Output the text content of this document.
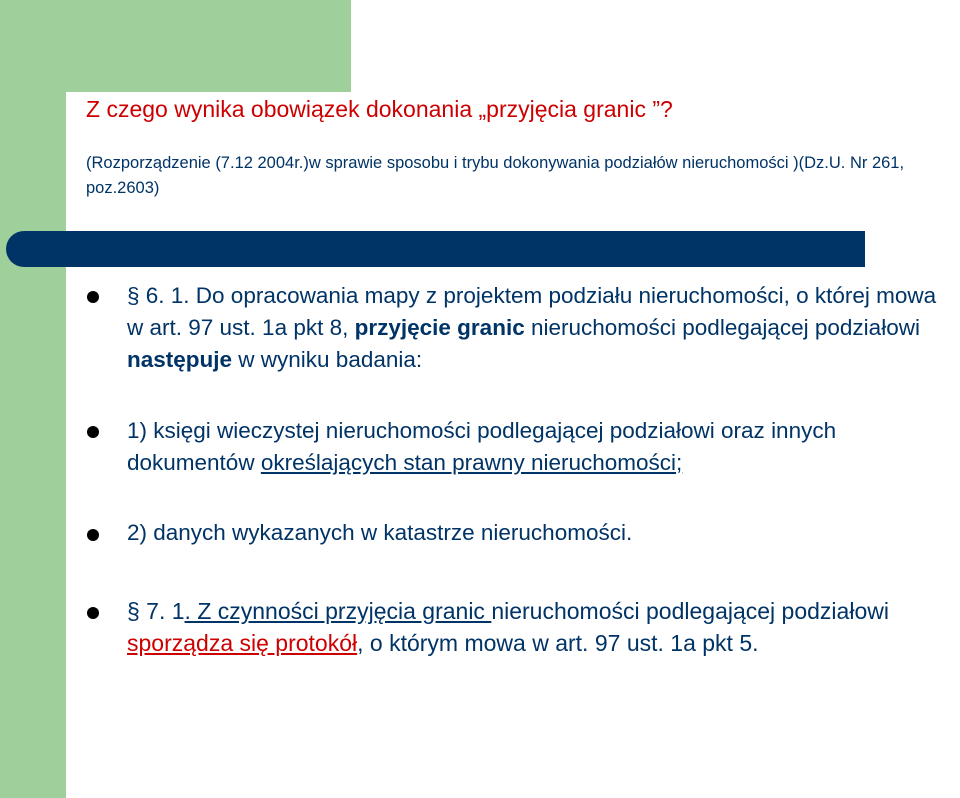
Z czego wynika obowiązek dokonania „przyjęcia granic ”?
(Rozporządzenie (7.12 2004r.)w sprawie sposobu i trybu dokonywania podziałów nieruchomości )(Dz.U. Nr 261, poz.2603)
§ 6. 1. Do opracowania mapy z projektem podziału nieruchomości, o której mowa w art. 97 ust. 1a pkt 8, przyjęcie granic nieruchomości podlegającej podziałowi następuje w wyniku badania:
1) księgi wieczystej nieruchomości podlegającej podziałowi oraz innych dokumentów określających stan prawny nieruchomości;
2) danych wykazanych w katastrze nieruchomości.
§ 7. 1. Z czynności przyjęcia granic nieruchomości podlegającej podziałowi sporządza się protokół, o którym mowa w art. 97 ust. 1a pkt 5.
